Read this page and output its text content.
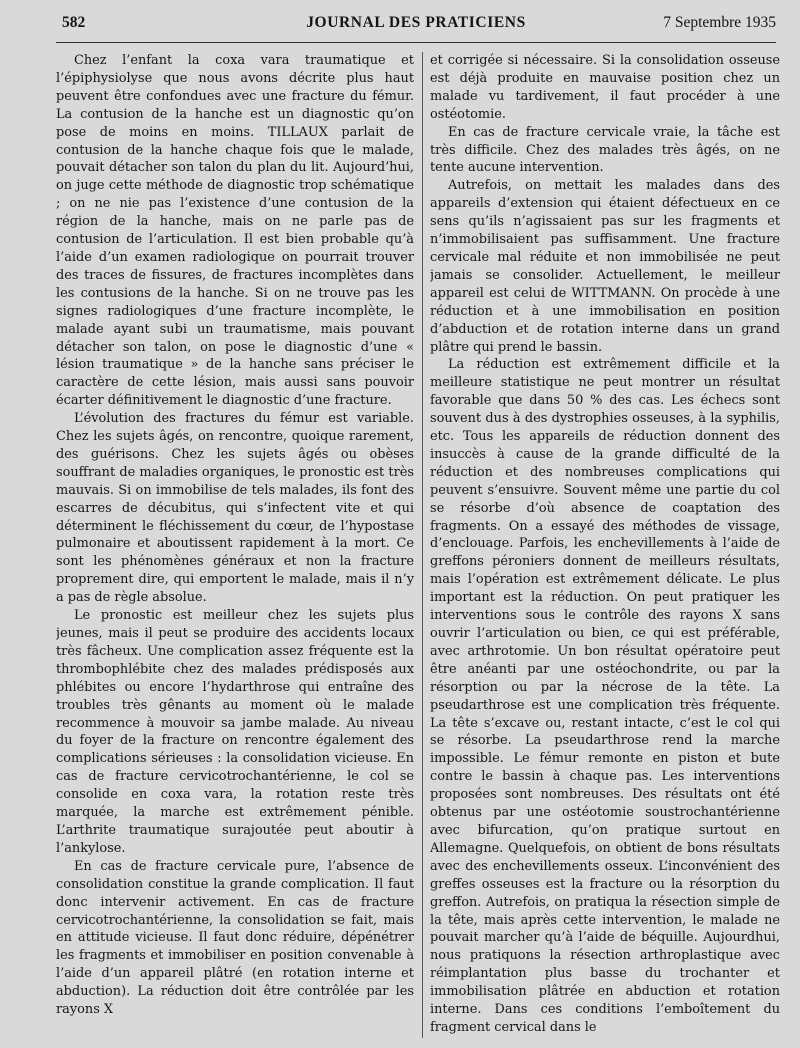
582	JOURNAL DES PRATICIENS	7 Septembre 1935

Chez l’enfant la coxa vara traumatique et l’épiphysiolyse que nous avons décrite plus haut peuvent être confondues avec une fracture du fémur. La contusion de la hanche est un diagnostic qu’on pose de moins en moins. TILLAUX parlait de contusion de la hanche chaque fois que le malade, pouvait détacher son talon du plan du lit. Aujourd’hui, on juge cette méthode de diagnostic trop schématique ; on ne nie pas l’existence d’une contusion de la région de la hanche, mais on ne parle pas de contusion de l’articulation. Il est bien probable qu’à l’aide d’un examen radiologique on pourrait trouver des traces de fissures, de fractures incomplètes dans les contusions de la hanche. Si on ne trouve pas les signes radiologiques d’une fracture incomplète, le malade ayant subi un traumatisme, mais pouvant détacher son talon, on pose le diagnostic d’une « lésion traumatique » de la hanche sans préciser le caractère de cette lésion, mais aussi sans pouvoir écarter définitivement le diagnostic d’une fracture.

L’évolution des fractures du fémur est variable. Chez les sujets âgés, on rencontre, quoique rarement, des guérisons. Chez les sujets âgés ou obèses souffrant de maladies organiques, le pronostic est très mauvais. Si on immobilise de tels malades, ils font des escarres de décubitus, qui s’infectent vite et qui déterminent le fléchissement du cœur, de l’hypostase pulmonaire et aboutissent rapidement à la mort. Ce sont les phénomènes généraux et non la fracture proprement dire, qui emportent le malade, mais il n’y a pas de règle absolue.

Le pronostic est meilleur chez les sujets plus jeunes, mais il peut se produire des accidents locaux très fâcheux. Une complication assez fréquente est la thrombophlébite chez des malades prédisposés aux phlébites ou encore l’hydarthrose qui entraîne des troubles très gênants au moment où le malade recommence à mouvoir sa jambe malade. Au niveau du foyer de la fracture on rencontre également des complications sérieuses : la consolidation vicieuse. En cas de fracture cervicotrochantérienne, le col se consolide en coxa vara, la rotation reste très marquée, la marche est extrêmement pénible. L’arthrite traumatique surajoutée peut aboutir à l’ankylose.

En cas de fracture cervicale pure, l’absence de consolidation constitue la grande complication. Il faut donc intervenir activement. En cas de fracture cervicotrochantérienne, la consolidation se fait, mais en attitude vicieuse. Il faut donc réduire, dépénétrer les fragments et immobiliser en position convenable à l’aide d’un appareil plâtré (en rotation interne et abduction). La réduction doit être contrôlée par les rayons X

et corrigée si nécessaire. Si la consolidation osseuse est déjà produite en mauvaise position chez un malade vu tardivement, il faut procéder à une ostéotomie.

En cas de fracture cervicale vraie, la tâche est très difficile. Chez des malades très âgés, on ne tente aucune intervention.

Autrefois, on mettait les malades dans des appareils d’extension qui étaient défectueux en ce sens qu’ils n’agissaient pas sur les fragments et n’immobilisaient pas suffisamment. Une fracture cervicale mal réduite et non immobilisée ne peut jamais se consolider. Actuellement, le meilleur appareil est celui de WITTMANN. On procède à une réduction et à une immobilisation en position d’abduction et de rotation interne dans un grand plâtre qui prend le bassin.

La réduction est extrêmement difficile et la meilleure statistique ne peut montrer un résultat favorable que dans 50 % des cas. Les échecs sont souvent dus à des dystrophies osseuses, à la syphilis, etc. Tous les appareils de réduction donnent des insuccès à cause de la grande difficulté de la réduction et des nombreuses complications qui peuvent s’ensuivre. Souvent même une partie du col se résorbe d’où absence de coaptation des fragments. On a essayé des méthodes de vissage, d’enclouage. Parfois, les enchevillements à l’aide de greffons péroniers donnent de meilleurs résultats, mais l’opération est extrêmement délicate. Le plus important est la réduction. On peut pratiquer les interventions sous le contrôle des rayons X sans ouvrir l’articulation ou bien, ce qui est préférable, avec arthrotomie. Un bon résultat opératoire peut être anéanti par une ostéochondrite, ou par la résorption ou par la nécrose de la tête. La pseudarthrose est une complication très fréquente. La tête s’excave ou, restant intacte, c’est le col qui se résorbe. La pseudarthrose rend la marche impossible. Le fémur remonte en piston et bute contre le bassin à chaque pas. Les interventions proposées sont nombreuses. Des résultats ont été obtenus par une ostéotomie soustrochantérienne avec bifurcation, qu’on pratique surtout en Allemagne. Quelquefois, on obtient de bons résultats avec des enchevillements osseux. L’inconvénient des greffes osseuses est la fracture ou la résorption du greffon. Autrefois, on pratiqua la résection simple de la tête, mais après cette intervention, le malade ne pouvait marcher qu’à l’aide de béquille. Aujourdhui, nous pratiquons la résection arthroplastique avec réimplantation plus basse du trochanter et immobilisation plâtrée en abduction et rotation interne. Dans ces conditions l’emboîtement du fragment cervical dans le
